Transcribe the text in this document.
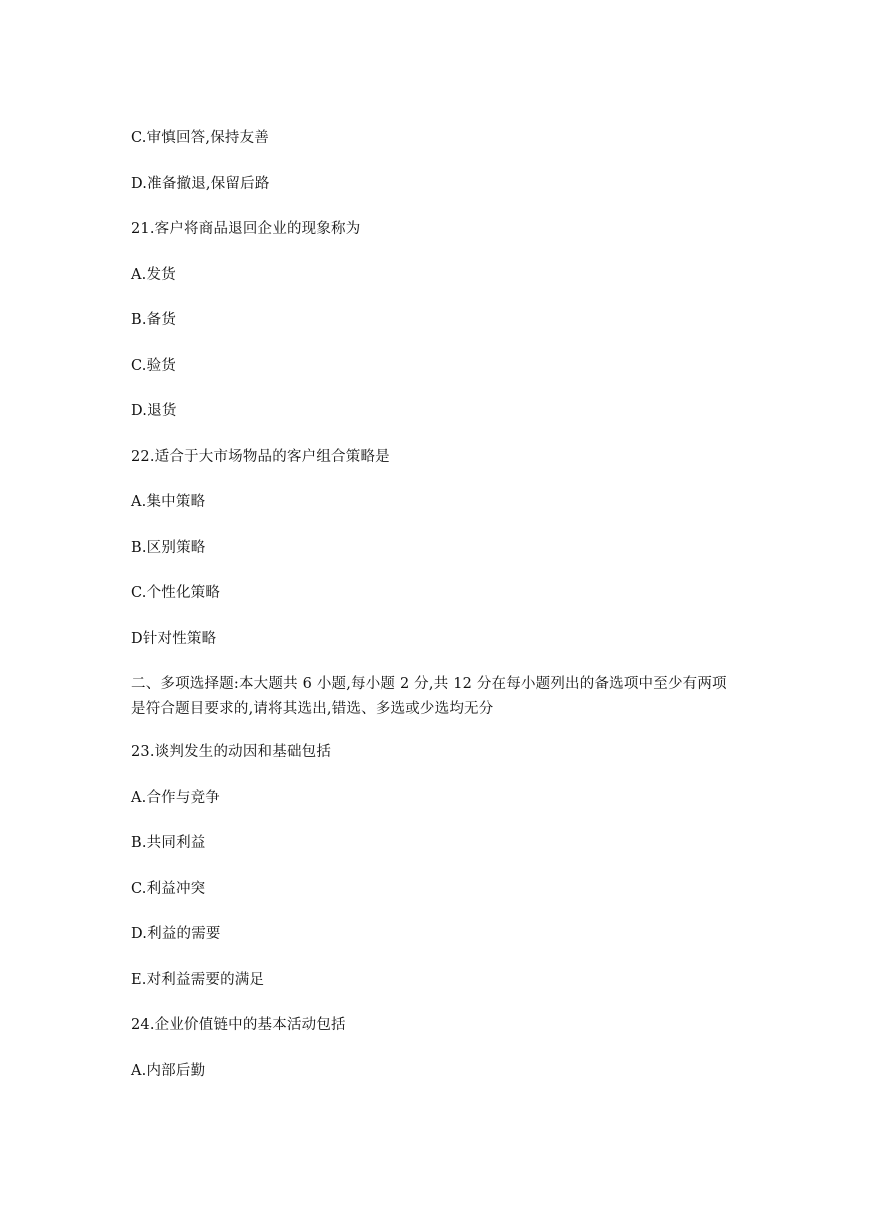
C.审慎回答,保持友善
D.准备撤退,保留后路
21.客户将商品退回企业的现象称为
A.发货
B.备货
C.验货
D.退货
22.适合于大市场物品的客户组合策略是
A.集中策略
B.区别策略
C.个性化策略
D针对性策略
二、多项选择题:本大题共 6 小题,每小题 2 分,共 12 分在每小题列出的备选项中至少有两项
是符合题目要求的,请将其选出,错选、多选或少选均无分
23.谈判发生的动因和基础包括
A.合作与竞争
B.共同利益
C.利益冲突
D.利益的需要
E.对利益需要的满足
24.企业价值链中的基本活动包括
A.内部后勤
